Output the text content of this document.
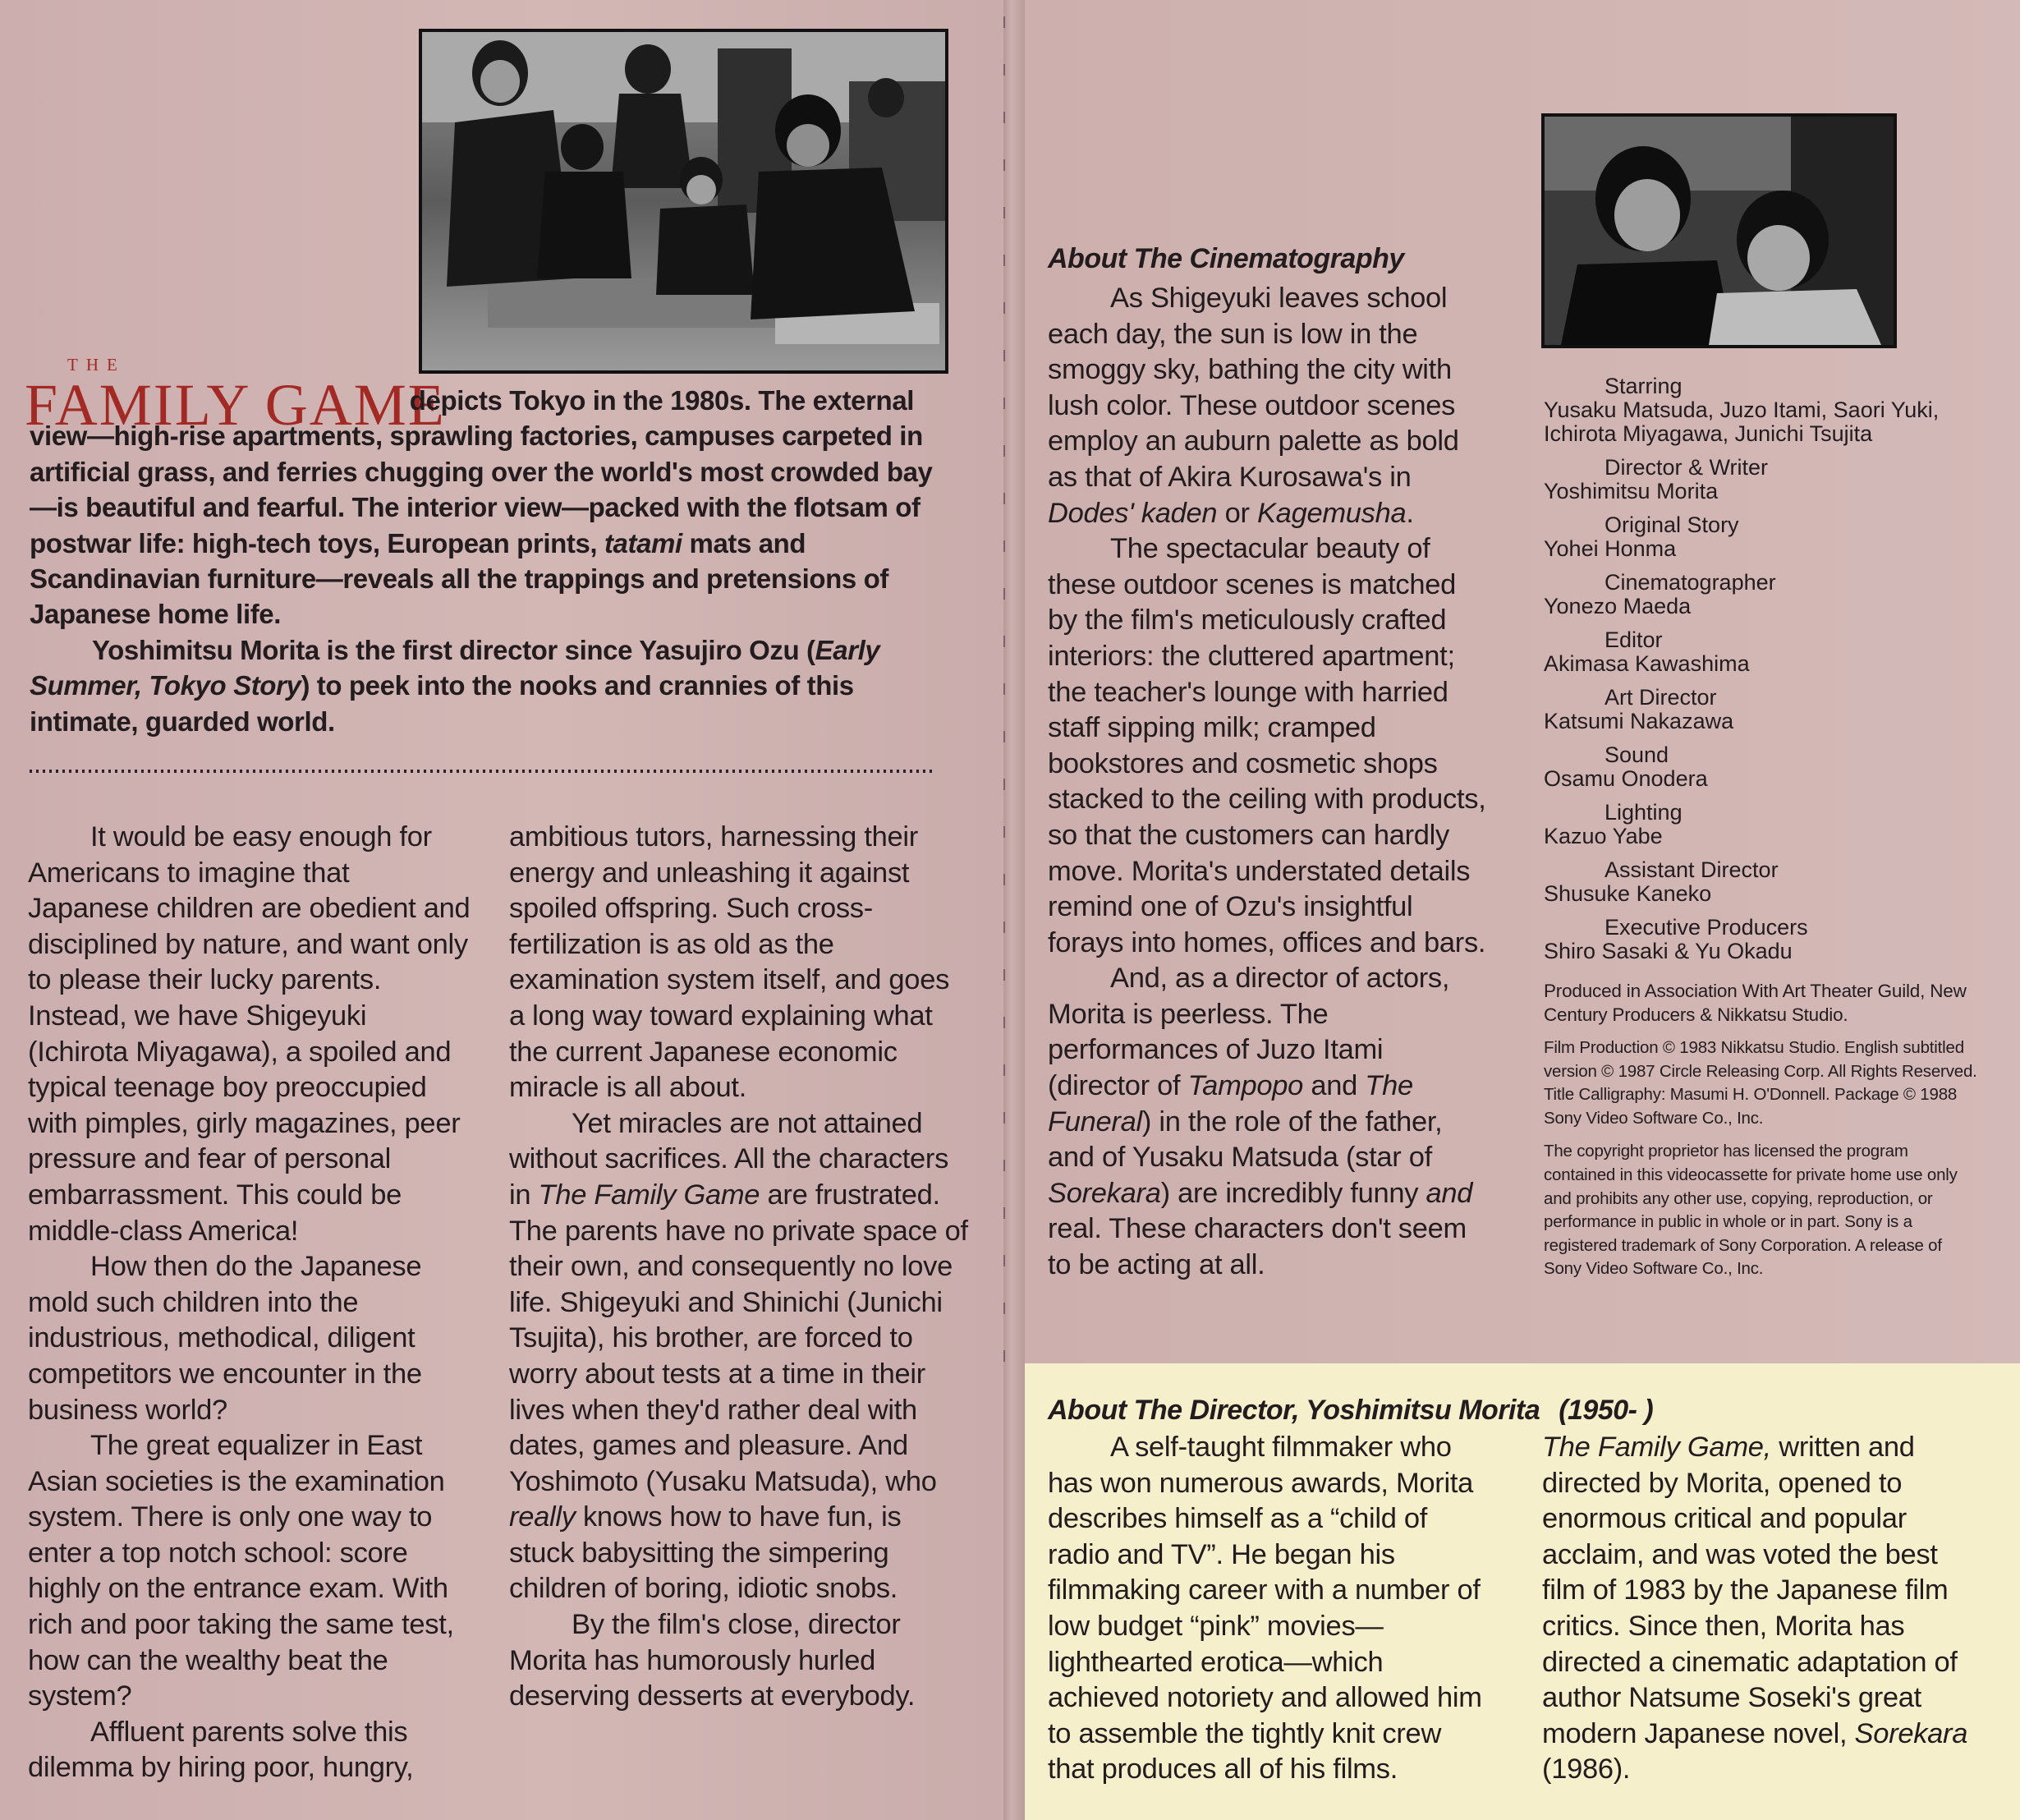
THE
FAMILY GAME

depicts Tokyo in the 1980s. The external view—high-rise apartments, sprawling factories, campuses carpeted in artificial grass, and ferries chugging over the world's most crowded bay —is beautiful and fearful. The interior view—packed with the flotsam of postwar life: high-tech toys, European prints, tatami mats and Scandinavian furniture—reveals all the trappings and pretensions of Japanese home life.

Yoshimitsu Morita is the first director since Yasujiro Ozu (Early Summer, Tokyo Story) to peek into the nooks and crannies of this intimate, guarded world.

It would be easy enough for Americans to imagine that Japanese children are obedient and disciplined by nature, and want only to please their lucky parents. Instead, we have Shigeyuki (Ichirota Miyagawa), a spoiled and typical teenage boy preoccupied with pimples, girly magazines, peer pressure and fear of personal embarrassment. This could be middle-class America!

How then do the Japanese mold such children into the industrious, methodical, diligent competitors we encounter in the business world?

The great equalizer in East Asian societies is the examination system. There is only one way to enter a top notch school: score highly on the entrance exam. With rich and poor taking the same test, how can the wealthy beat the system?

Affluent parents solve this dilemma by hiring poor, hungry,

ambitious tutors, harnessing their energy and unleashing it against spoiled offspring. Such cross-fertilization is as old as the examination system itself, and goes a long way toward explaining what the current Japanese economic miracle is all about.

Yet miracles are not attained without sacrifices. All the characters in The Family Game are frustrated. The parents have no private space of their own, and consequently no love life. Shigeyuki and Shinichi (Junichi Tsujita), his brother, are forced to worry about tests at a time in their lives when they'd rather deal with dates, games and pleasure. And Yoshimoto (Yusaku Matsuda), who really knows how to have fun, is stuck babysitting the simpering children of boring, idiotic snobs.

By the film's close, director Morita has humorously hurled deserving desserts at everybody.

About The Cinematography

As Shigeyuki leaves school each day, the sun is low in the smoggy sky, bathing the city with lush color. These outdoor scenes employ an auburn palette as bold as that of Akira Kurosawa's in Dodes' kaden or Kagemusha.

The spectacular beauty of these outdoor scenes is matched by the film's meticulously crafted interiors: the cluttered apartment; the teacher's lounge with harried staff sipping milk; cramped bookstores and cosmetic shops stacked to the ceiling with products, so that the customers can hardly move. Morita's understated details remind one of Ozu's insightful forays into homes, offices and bars.

And, as a director of actors, Morita is peerless. The performances of Juzo Itami (director of Tampopo and The Funeral) in the role of the father, and of Yusaku Matsuda (star of Sorekara) are incredibly funny and real. These characters don't seem to be acting at all.

Starring
Yusaku Matsuda, Juzo Itami, Saori Yuki, Ichirota Miyagawa, Junichi Tsujita
Director & Writer
Yoshimitsu Morita
Original Story
Yohei Honma
Cinematographer
Yonezo Maeda
Editor
Akimasa Kawashima
Art Director
Katsumi Nakazawa
Sound
Osamu Onodera
Lighting
Kazuo Yabe
Assistant Director
Shusuke Kaneko
Executive Producers
Shiro Sasaki & Yu Okadu

Produced in Association With Art Theater Guild, New Century Producers & Nikkatsu Studio.

Film Production © 1983 Nikkatsu Studio. English subtitled version © 1987 Circle Releasing Corp. All Rights Reserved. Title Calligraphy: Masumi H. O'Donnell. Package © 1988 Sony Video Software Co., Inc.

The copyright proprietor has licensed the program contained in this videocassette for private home use only and prohibits any other use, copying, reproduction, or performance in public in whole or in part. Sony is a registered trademark of Sony Corporation. A release of Sony Video Software Co., Inc.

About The Director, Yoshimitsu Morita (1950- )

A self-taught filmmaker who has won numerous awards, Morita describes himself as a “child of radio and TV”. He began his filmmaking career with a number of low budget “pink” movies—lighthearted erotica—which achieved notoriety and allowed him to assemble the tightly knit crew that produces all of his films.

The Family Game, written and directed by Morita, opened to enormous critical and popular acclaim, and was voted the best film of 1983 by the Japanese film critics. Since then, Morita has directed a cinematic adaptation of author Natsume Soseki's great modern Japanese novel, Sorekara (1986).
